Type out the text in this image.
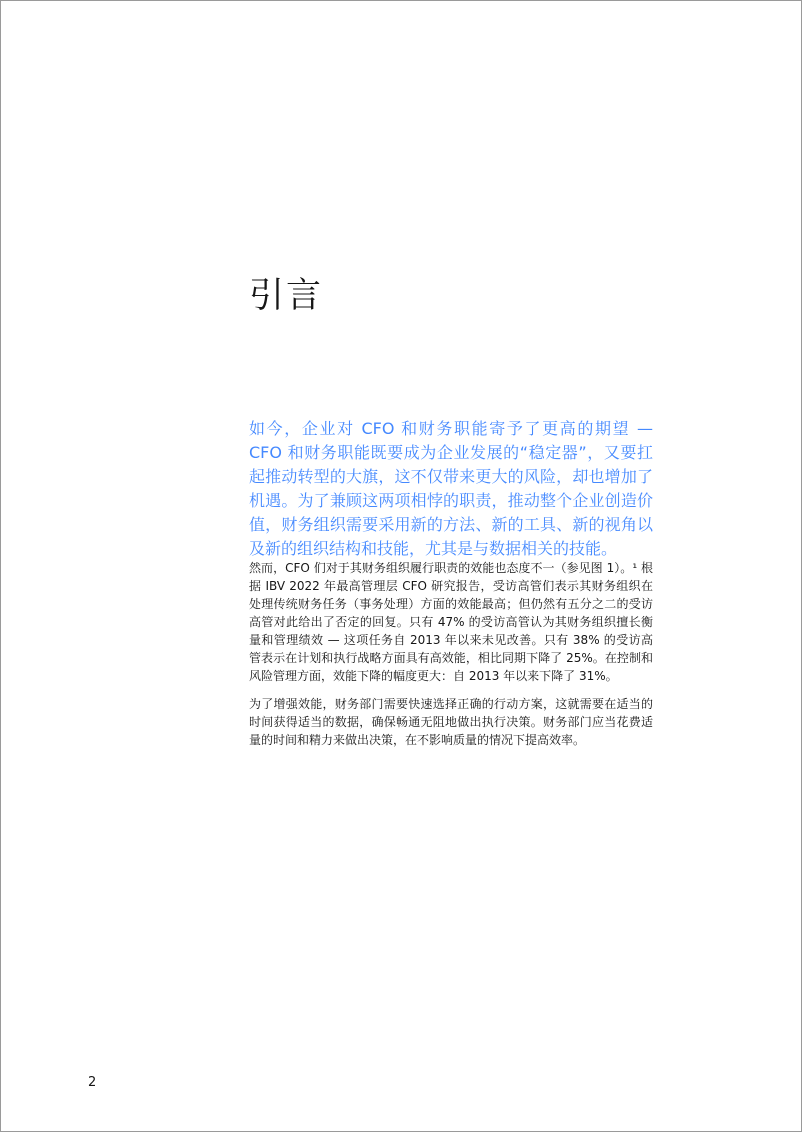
引言

如今，企业对 CFO 和财务职能寄予了更高的期望 — CFO 和财务职能既要成为企业发展的“稳定器”，又要扛起推动转型的大旗，这不仅带来更大的风险，却也增加了机遇。为了兼顾这两项相悖的职责，推动整个企业创造价值，财务组织需要采用新的方法、新的工具、新的视角以及新的组织结构和技能，尤其是与数据相关的技能。

然而，CFO 们对于其财务组织履行职责的效能也态度不一（参见图 1）。¹ 根据 IBV 2022 年最高管理层 CFO 研究报告，受访高管们表示其财务组织在处理传统财务任务（事务处理）方面的效能最高；但仍然有五分之二的受访高管对此给出了否定的回复。只有 47% 的受访高管认为其财务组织擅长衡量和管理绩效 — 这项任务自 2013 年以来未见改善。只有 38% 的受访高管表示在计划和执行战略方面具有高效能，相比同期下降了 25%。在控制和风险管理方面，效能下降的幅度更大：自 2013 年以来下降了 31%。

为了增强效能，财务部门需要快速选择正确的行动方案，这就需要在适当的时间获得适当的数据，确保畅通无阻地做出执行决策。财务部门应当花费适量的时间和精力来做出决策，在不影响质量的情况下提高效率。

2
